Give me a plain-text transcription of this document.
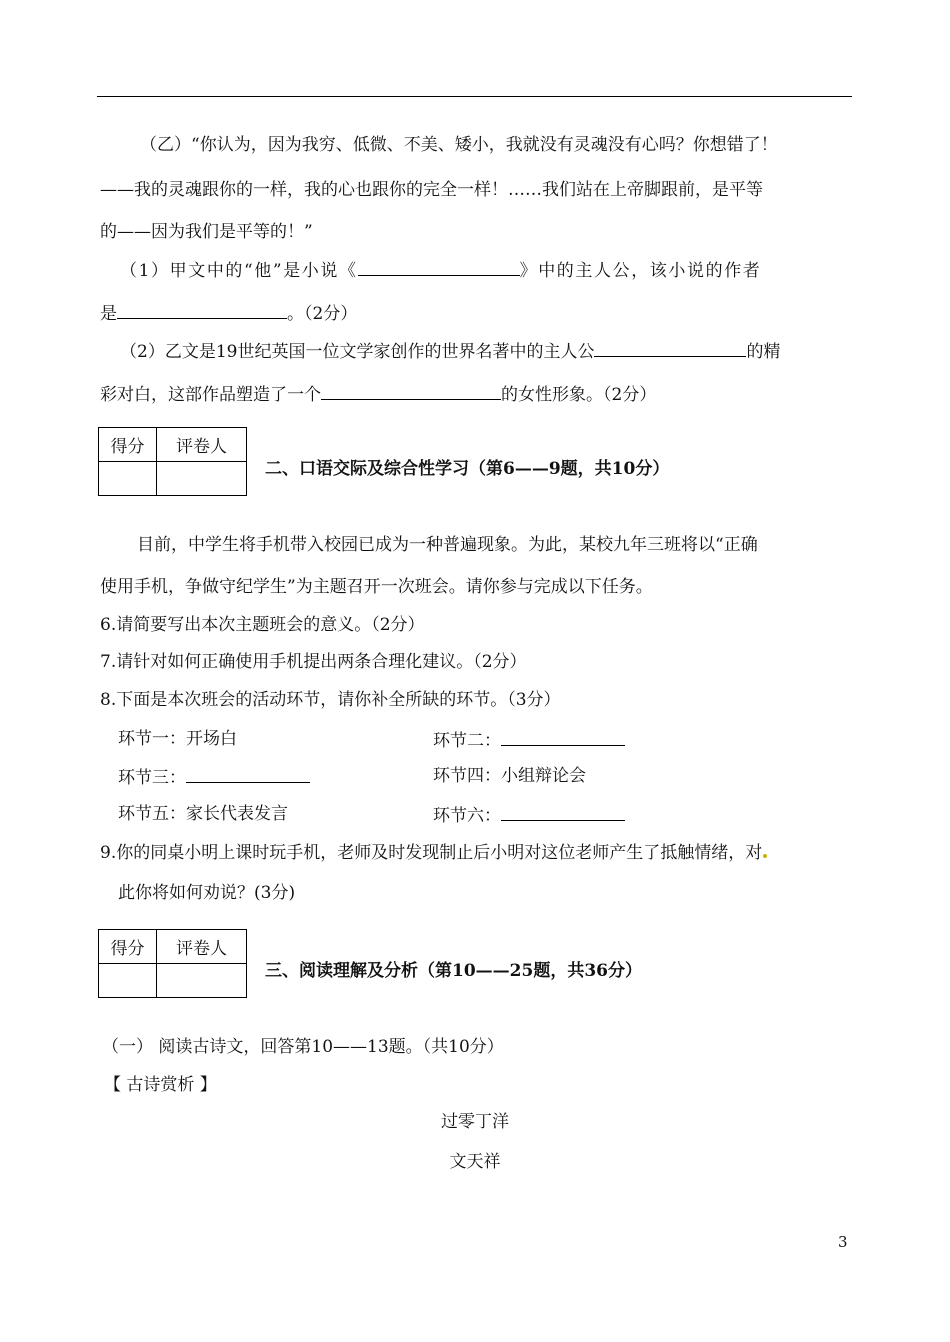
（乙）“你认为，因为我穷、低微、不美、矮小，我就没有灵魂没有心吗？你想错了！
——我的灵魂跟你的一样，我的心也跟你的完全一样！……我们站在上帝脚跟前，是平等
的——因为我们是平等的！”
（1）甲文中的“他”是小说《	》中的主人公，该小说的作者
是	。（2分）
（2）乙文是19世纪英国一位文学家创作的世界名著中的主人公	的精
彩对白，这部作品塑造了一个	的女性形象。（2分）
得分	评卷人

二、口语交际及综合性学习（第6——9题，共10分）
目前，中学生将手机带入校园已成为一种普遍现象。为此，某校九年三班将以“正确
使用手机，争做守纪学生”为主题召开一次班会。请你参与完成以下任务。
6.请简要写出本次主题班会的意义。（2分）
7.请针对如何正确使用手机提出两条合理化建议。（2分）
8.下面是本次班会的活动环节，请你补全所缺的环节。（3分）
环节一：开场白	环节二：
环节三：	环节四：小组辩论会
环节五：家长代表发言	环节六：
9.你的同桌小明上课时玩手机，老师及时发现制止后小明对这位老师产生了抵触情绪，对
此你将如何劝说？(3分)
得分	评卷人

三、阅读理解及分析（第10——25题，共36分）
（一） 阅读古诗文，回答第10——13题。（共10分）
【 古诗赏析 】
过零丁洋
文天祥
3
